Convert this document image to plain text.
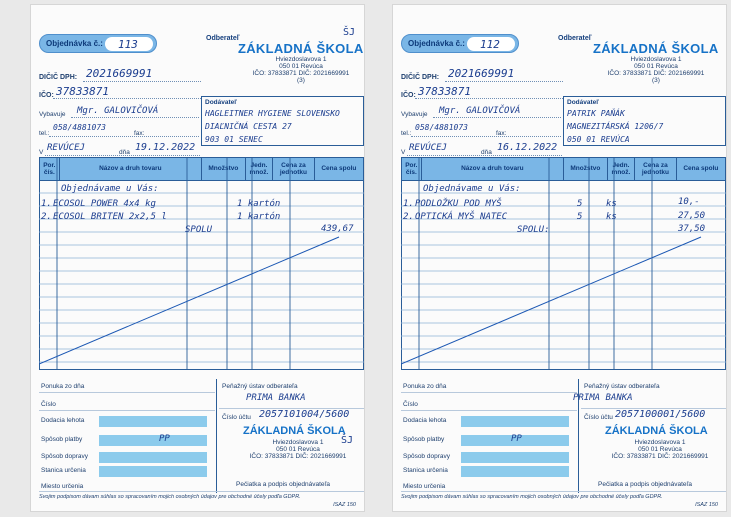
Objednávka č.: 113	Odberateľ
ZÁKLADNÁ ŠKOLA
Hviezdoslavova 1
050 01 Revúca
IČO: 37833871 DIČ: 2021669991
(3)
ŠJ
DIČIČ DPH: 2021669991
IČO: 37833871
Vybavuje Mgr. GALOVIČOVÁ
tel.:
058/4881073
fax:
V REVÚCEJ	dňa 19.12.2022
Dodávateľ
HAGLEITNER HYGIENE SLOVENSKO
DIAĽNIČNÁ CESTA 27
903 01 SENEC
Por. čís.	Názov a druh tovaru	Množstvo	Jedn. množ.	Cena za jednotku	Cena spolu
Objednávame u Vás:
1. ECOSOL POWER 4x4 kg	1 kartón
2. ECOSOL BRITEN 2x2,5 l	1 kartón
SPOLU	439,67
Ponuka zo dňa
Číslo
Dodacia lehota
Spôsob platby	PP
Spôsob dopravy
Stanica určenia
Miesto určenia
Peňažný ústav odberateľa
PRIMA BANKA
Číslo účtu 2057101004/5600
ZÁKLADNÁ ŠKOLA
Hviezdoslavova 1
050 01 Revúca
IČO: 37833871 DIČ: 2021669991
ŠJ
Pečiatka a podpis objednávateľa
Svojim podpisom dávam súhlas so spracovaním mojich osobných údajov pre obchodné účely podľa GDPR.
ISAZ 150
Objednávka č.: 112	Odberateľ
ZÁKLADNÁ ŠKOLA
Hviezdoslavova 1
050 01 Revúca
IČO: 37833871 DIČ: 2021669991
(3)
DIČIČ DPH: 2021669991
IČO: 37833871
Vybavuje Mgr. GALOVIČOVÁ
tel.:
058/4881073
fax:
V REVÚCEJ	dňa 16.12.2022
Dodávateľ
PATRIK PAŇÁK
MAGNEZITÁRSKÁ 1206/7
050 01 REVÚCA
Por. čís.	Názov a druh tovaru	Množstvo	Jedn. množ.	Cena za jednotku	Cena spolu
Objednávame u Vás:
1. PODLOŽKU POD MYŠ	5	ks	10,-
2. OPTICKÁ MYŠ NATEC	5	ks	27,50
SPOLU:	37,50
Ponuka zo dňa
Číslo
Dodacia lehota
Spôsob platby	PP
Spôsob dopravy
Stanica určenia
Miesto určenia
Peňažný ústav odberateľa
PRIMA BANKA
Číslo účtu 2057100001/5600
ZÁKLADNÁ ŠKOLA
Hviezdoslavova 1
050 01 Revúca
IČO: 37833871 DIČ: 2021669991
Pečiatka a podpis objednávateľa
Svojim podpisom dávam súhlas so spracovaním mojich osobných údajov pre obchodné účely podľa GDPR.
ISAZ 150
